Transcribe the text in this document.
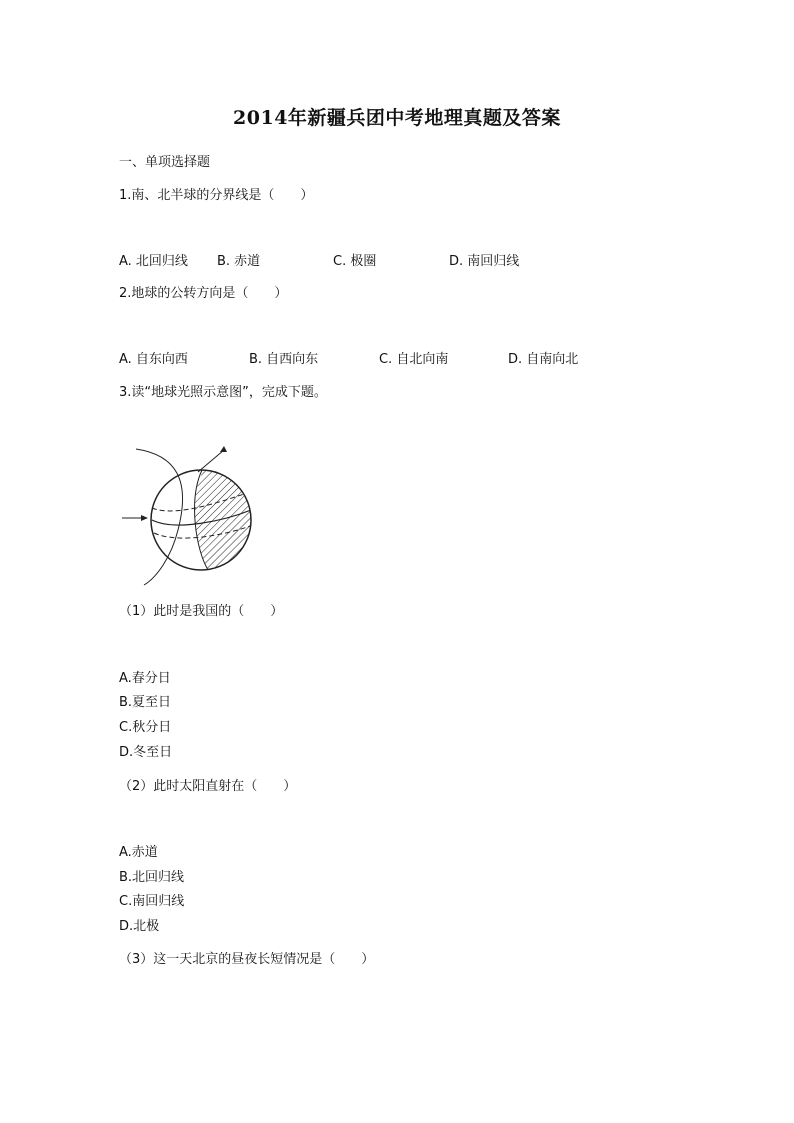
2014年新疆兵团中考地理真题及答案
一、单项选择题
1.南、北半球的分界线是（　　）
A. 北回归线 B. 赤道	C. 极圈	D. 南回归线
2.地球的公转方向是（　　）
A. 自东向西	B. 自西向东	C. 自北向南	D. 自南向北
3.读“地球光照示意图”，完成下题。
（1）此时是我国的（　　）
A.春分日
B.夏至日
C.秋分日
D.冬至日
（2）此时太阳直射在（　　）
A.赤道
B.北回归线
C.南回归线
D.北极
（3）这一天北京的昼夜长短情况是（　　）
